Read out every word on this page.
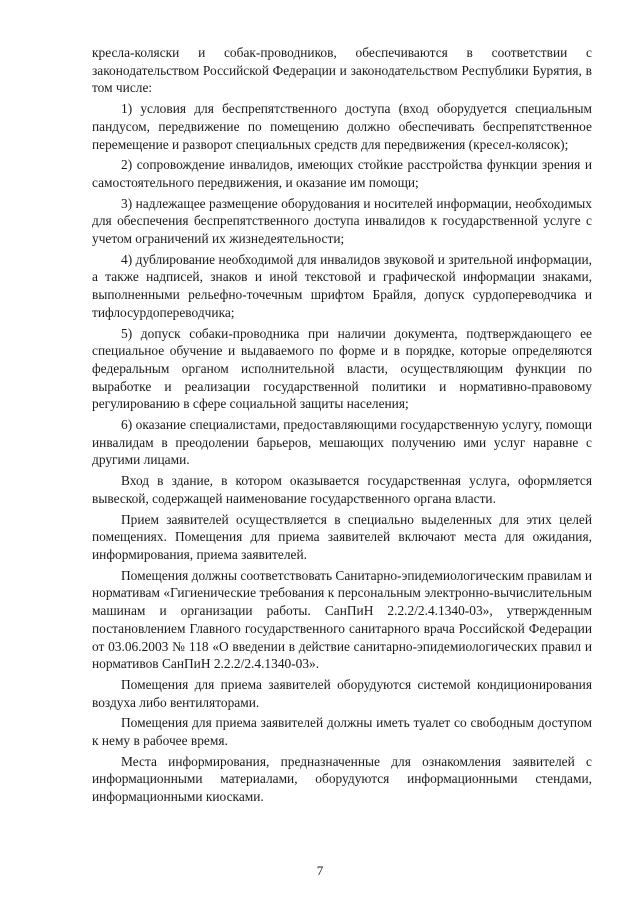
кресла-коляски и собак-проводников, обеспечиваются в соответствии с законодательством Российской Федерации и законодательством Республики Бурятия, в том числе:

1) условия для беспрепятственного доступа (вход оборудуется специальным пандусом, передвижение по помещению должно обеспечивать беспрепятственное перемещение и разворот специальных средств для передвижения (кресел-колясок);

2) сопровождение инвалидов, имеющих стойкие расстройства функции зрения и самостоятельного передвижения, и оказание им помощи;

3) надлежащее размещение оборудования и носителей информации, необходимых для обеспечения беспрепятственного доступа инвалидов к государственной услуге с учетом ограничений их жизнедеятельности;

4) дублирование необходимой для инвалидов звуковой и зрительной информации, а также надписей, знаков и иной текстовой и графической информации знаками, выполненными рельефно-точечным шрифтом Брайля, допуск сурдопереводчика и тифлосурдопереводчика;

5) допуск собаки-проводника при наличии документа, подтверждающего ее специальное обучение и выдаваемого по форме и в порядке, которые определяются федеральным органом исполнительной власти, осуществляющим функции по выработке и реализации государственной политики и нормативно-правовому регулированию в сфере социальной защиты населения;

6) оказание специалистами, предоставляющими государственную услугу, помощи инвалидам в преодолении барьеров, мешающих получению ими услуг наравне с другими лицами.

Вход в здание, в котором оказывается государственная услуга, оформляется вывеской, содержащей наименование государственного органа власти.

Прием заявителей осуществляется в специально выделенных для этих целей помещениях. Помещения для приема заявителей включают места для ожидания, информирования, приема заявителей.

Помещения должны соответствовать Санитарно-эпидемиологическим правилам и нормативам «Гигиенические требования к персональным электронно-вычислительным машинам и организации работы. СанПиН 2.2.2/2.4.1340-03», утвержденным постановлением Главного государственного санитарного врача Российской Федерации от 03.06.2003 № 118 «О введении в действие санитарно-эпидемиологических правил и нормативов СанПиН 2.2.2/2.4.1340-03».

Помещения для приема заявителей оборудуются системой кондиционирования воздуха либо вентиляторами.

Помещения для приема заявителей должны иметь туалет со свободным доступом к нему в рабочее время.

Места информирования, предназначенные для ознакомления заявителей с информационными материалами, оборудуются информационными стендами, информационными киосками.

7
